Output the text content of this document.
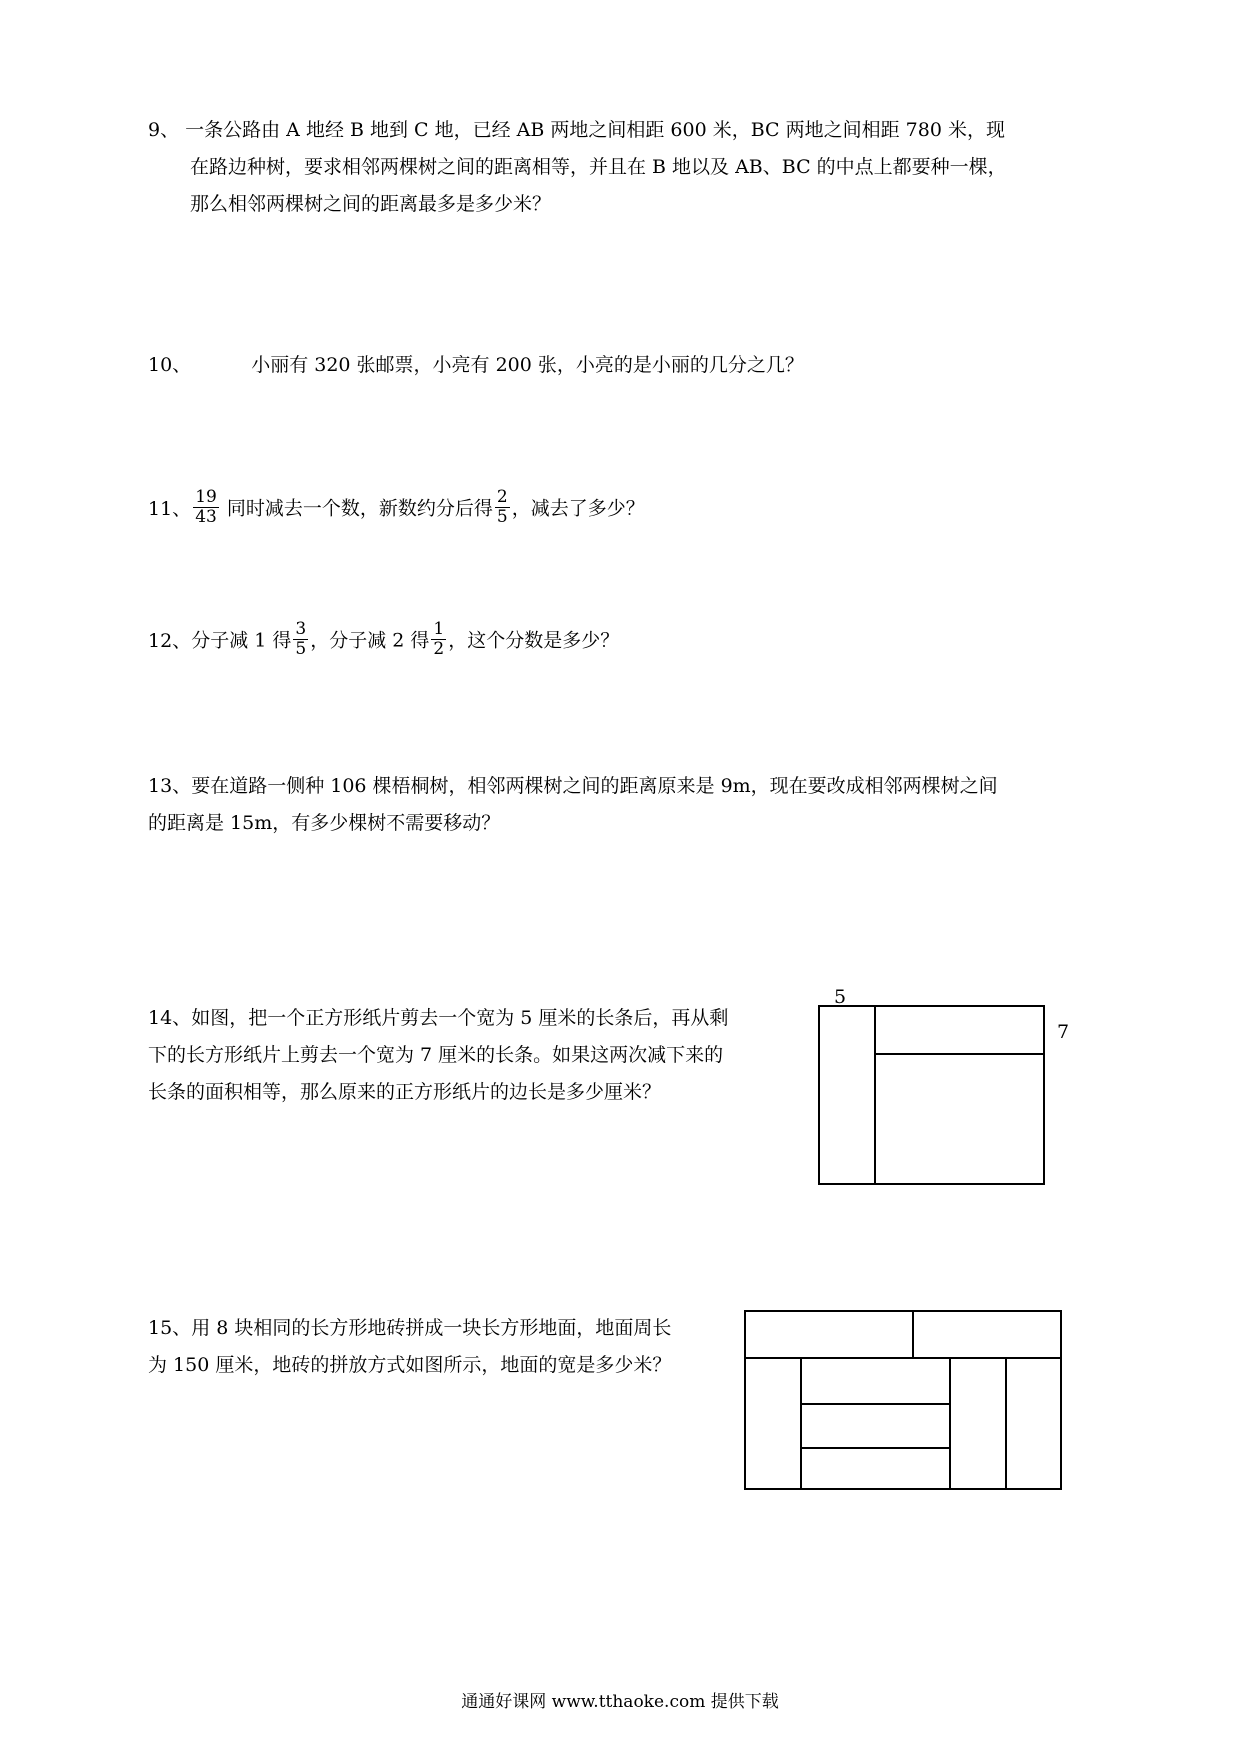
9、 一条公路由 A 地经 B 地到 C 地，已经 AB 两地之间相距 600 米，BC 两地之间相距 780 米，现
在路边种树，要求相邻两棵树之间的距离相等，并且在 B 地以及 AB、BC 的中点上都要种一棵，
那么相邻两棵树之间的距离最多是多少米？
10、	小丽有 320 张邮票，小亮有 200 张，小亮的是小丽的几分之几？
11、 $\frac{19}{43}$ 同时减去一个数，新数约分后得 $\frac{2}{5}$ ，减去了多少？
12、分子减 1 得 $\frac{3}{5}$ ，分子减 2 得 $\frac{1}{2}$ ，这个分数是多少？
13、要在道路一侧种 106 棵梧桐树，相邻两棵树之间的距离原来是 9m，现在要改成相邻两棵树之间
的距离是 15m，有多少棵树不需要移动？
14、如图，把一个正方形纸片剪去一个宽为 5 厘米的长条后，再从剩
下的长方形纸片上剪去一个宽为 7 厘米的长条。如果这两次减下来的
长条的面积相等，那么原来的正方形纸片的边长是多少厘米？
5
7
15、用 8 块相同的长方形地砖拼成一块长方形地面，地面周长
为 150 厘米，地砖的拼放方式如图所示，地面的宽是多少米？
通通好课网 www.tthaoke.com 提供下载
